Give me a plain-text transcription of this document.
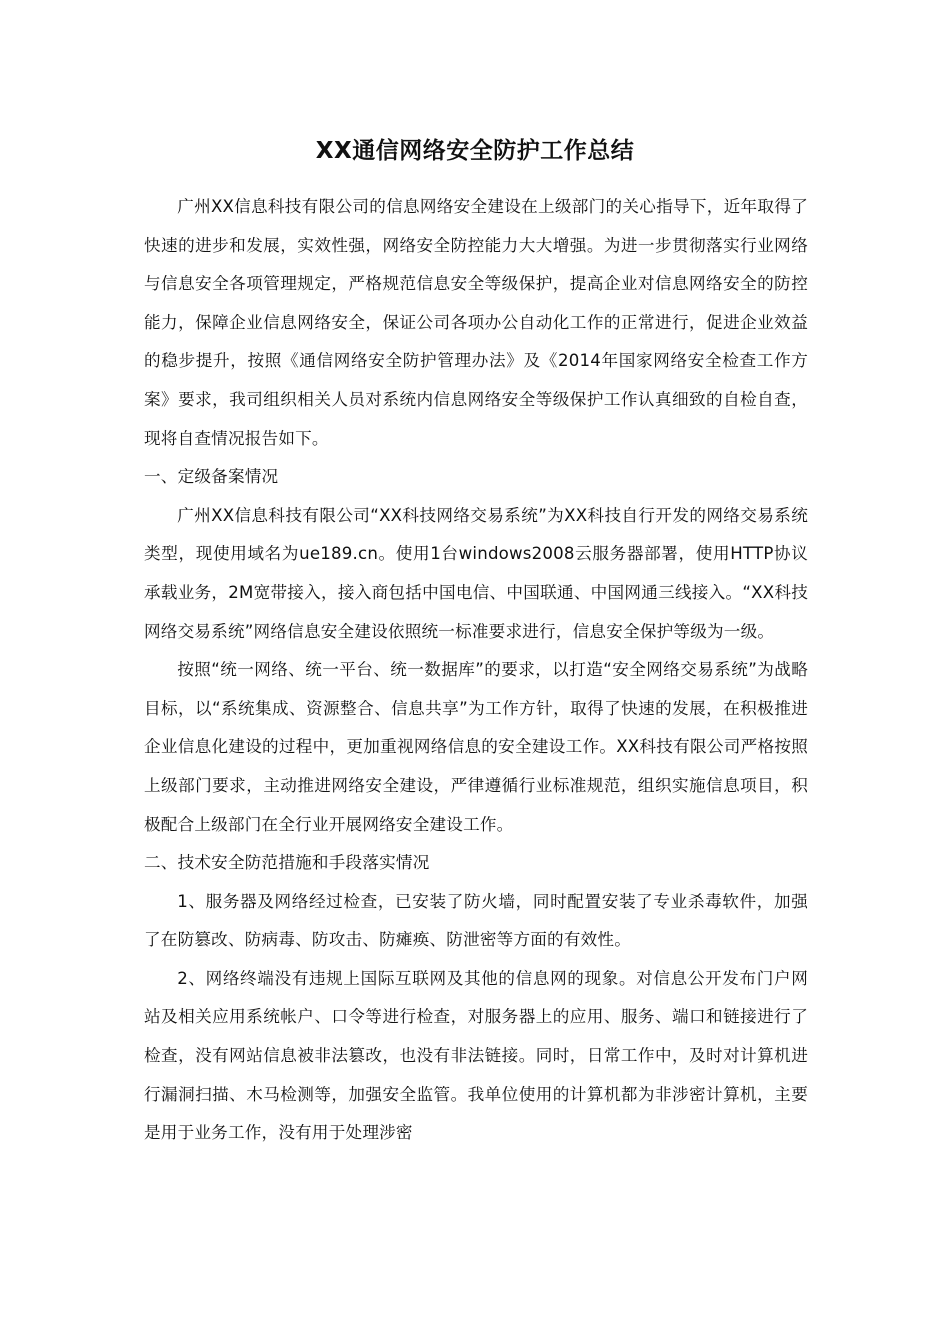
XX通信网络安全防护工作总结

广州XX信息科技有限公司的信息网络安全建设在上级部门的关心指导下，近年取得了快速的进步和发展，实效性强，网络安全防控能力大大增强。为进一步贯彻落实行业网络与信息安全各项管理规定，严格规范信息安全等级保护，提高企业对信息网络安全的防控能力，保障企业信息网络安全，保证公司各项办公自动化工作的正常进行，促进企业效益的稳步提升，按照《通信网络安全防护管理办法》及《2014年国家网络安全检查工作方案》要求，我司组织相关人员对系统内信息网络安全等级保护工作认真细致的自检自查，现将自查情况报告如下。

一、定级备案情况

广州XX信息科技有限公司“XX科技网络交易系统”为XX科技自行开发的网络交易系统类型，现使用域名为ue189.cn。使用1台windows2008云服务器部署，使用HTTP协议承载业务，2M宽带接入，接入商包括中国电信、中国联通、中国网通三线接入。“XX科技网络交易系统”网络信息安全建设依照统一标准要求进行，信息安全保护等级为一级。

按照“统一网络、统一平台、统一数据库”的要求，以打造“安全网络交易系统”为战略目标，以“系统集成、资源整合、信息共享”为工作方针，取得了快速的发展，在积极推进企业信息化建设的过程中，更加重视网络信息的安全建设工作。XX科技有限公司严格按照上级部门要求，主动推进网络安全建设，严律遵循行业标准规范，组织实施信息项目，积极配合上级部门在全行业开展网络安全建设工作。

二、技术安全防范措施和手段落实情况

1、服务器及网络经过检查，已安装了防火墙，同时配置安装了专业杀毒软件，加强了在防篡改、防病毒、防攻击、防瘫痪、防泄密等方面的有效性。

2、网络终端没有违规上国际互联网及其他的信息网的现象。对信息公开发布门户网站及相关应用系统帐户、口令等进行检查，对服务器上的应用、服务、端口和链接进行了检查，没有网站信息被非法篡改，也没有非法链接。同时，日常工作中，及时对计算机进行漏洞扫描、木马检测等，加强安全监管。我单位使用的计算机都为非涉密计算机，主要是用于业务工作，没有用于处理涉密
